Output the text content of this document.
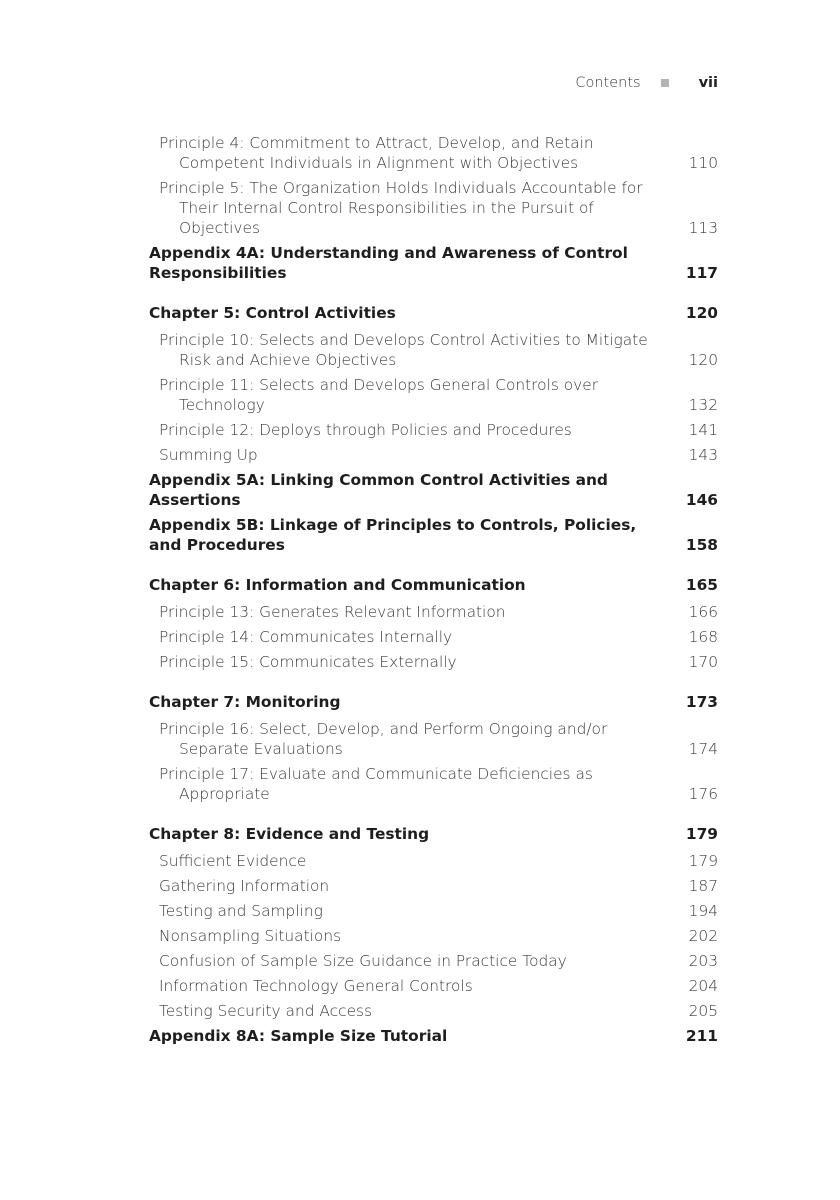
Contents	vii
Principle 4: Commitment to Attract, Develop, and Retain Competent Individuals in Alignment with Objectives	110
Principle 5: The Organization Holds Individuals Accountable for Their Internal Control Responsibilities in the Pursuit of Objectives	113
Appendix 4A: Understanding and Awareness of Control Responsibilities	117
Chapter 5: Control Activities	120
Principle 10: Selects and Develops Control Activities to Mitigate Risk and Achieve Objectives	120
Principle 11: Selects and Develops General Controls over Technology	132
Principle 12: Deploys through Policies and Procedures	141
Summing Up	143
Appendix 5A: Linking Common Control Activities and Assertions	146
Appendix 5B: Linkage of Principles to Controls, Policies, and Procedures	158
Chapter 6: Information and Communication	165
Principle 13: Generates Relevant Information	166
Principle 14: Communicates Internally	168
Principle 15: Communicates Externally	170
Chapter 7: Monitoring	173
Principle 16: Select, Develop, and Perform Ongoing and/or Separate Evaluations	174
Principle 17: Evaluate and Communicate Deficiencies as Appropriate	176
Chapter 8: Evidence and Testing	179
Sufficient Evidence	179
Gathering Information	187
Testing and Sampling	194
Nonsampling Situations	202
Confusion of Sample Size Guidance in Practice Today	203
Information Technology General Controls	204
Testing Security and Access	205
Appendix 8A: Sample Size Tutorial	211
